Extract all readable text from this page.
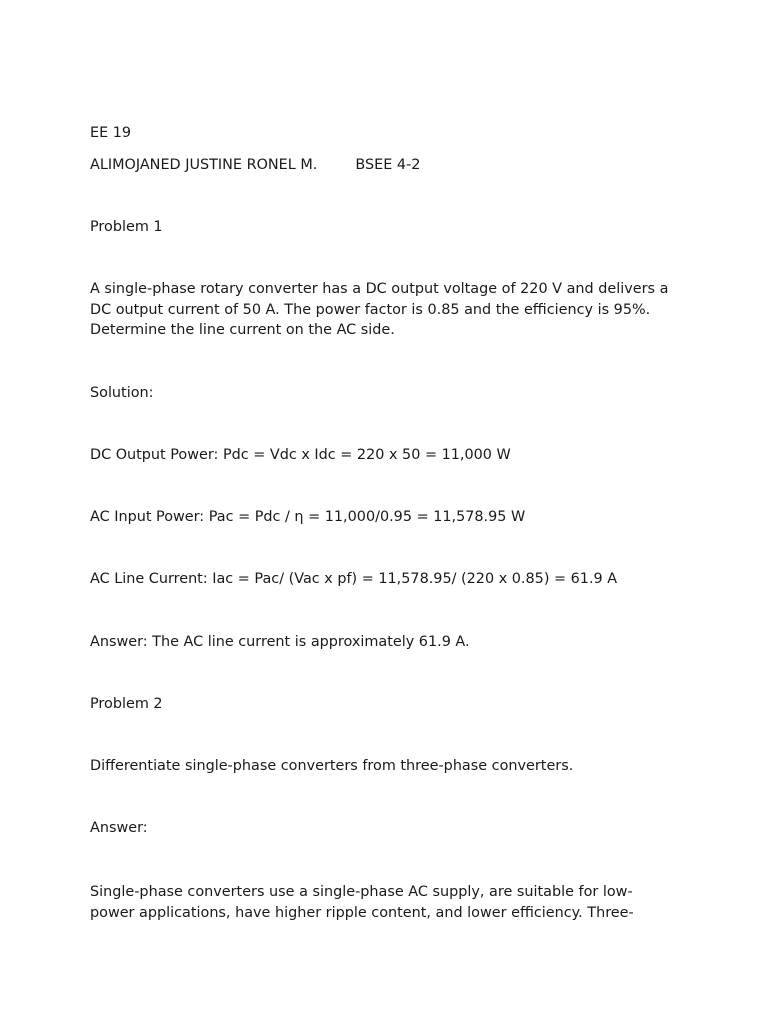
EE 19

ALIMOJANED JUSTINE RONEL M.	BSEE 4-2

Problem 1

A single-phase rotary converter has a DC output voltage of 220 V and delivers a DC output current of 50 A. The power factor is 0.85 and the efficiency is 95%. Determine the line current on the AC side.

Solution:

DC Output Power: Pdc = Vdc x Idc = 220 x 50 = 11,000 W

AC Input Power: Pac = Pdc / η = 11,000/0.95 = 11,578.95 W

AC Line Current: Iac = Pac/ (Vac x pf) = 11,578.95/ (220 x 0.85) = 61.9 A

Answer: The AC line current is approximately 61.9 A.

Problem 2

Differentiate single-phase converters from three-phase converters.

Answer:

Single-phase converters use a single-phase AC supply, are suitable for low-power applications, have higher ripple content, and lower efficiency. Three-
